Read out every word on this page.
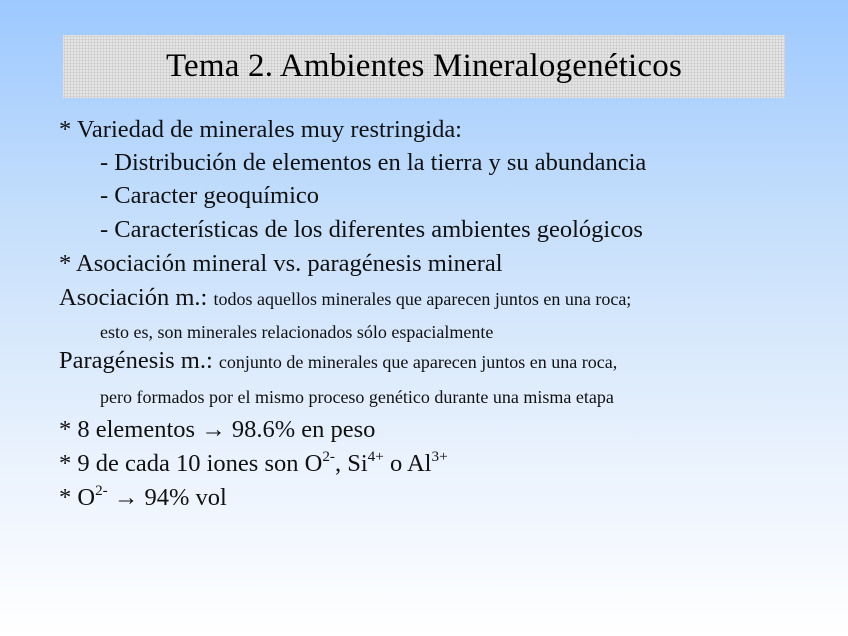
Tema 2. Ambientes Mineralogenéticos
* Variedad de minerales muy restringida:
- Distribución de elementos en la tierra y su abundancia
- Caracter geoquímico
- Características de los diferentes ambientes geológicos
* Asociación mineral vs. paragénesis mineral
Asociación m.: todos aquellos minerales que aparecen juntos en una roca;
esto es, son minerales relacionados sólo espacialmente
Paragénesis m.: conjunto de minerales que aparecen juntos en una roca,
pero formados por el mismo proceso genético durante una misma etapa
* 8 elementos → 98.6% en peso
* 9 de cada 10 iones son $O^{2-}$, $Si^{4+}$ o $Al^{3+}$
* $O^{2-} \to 94\%$ vol
